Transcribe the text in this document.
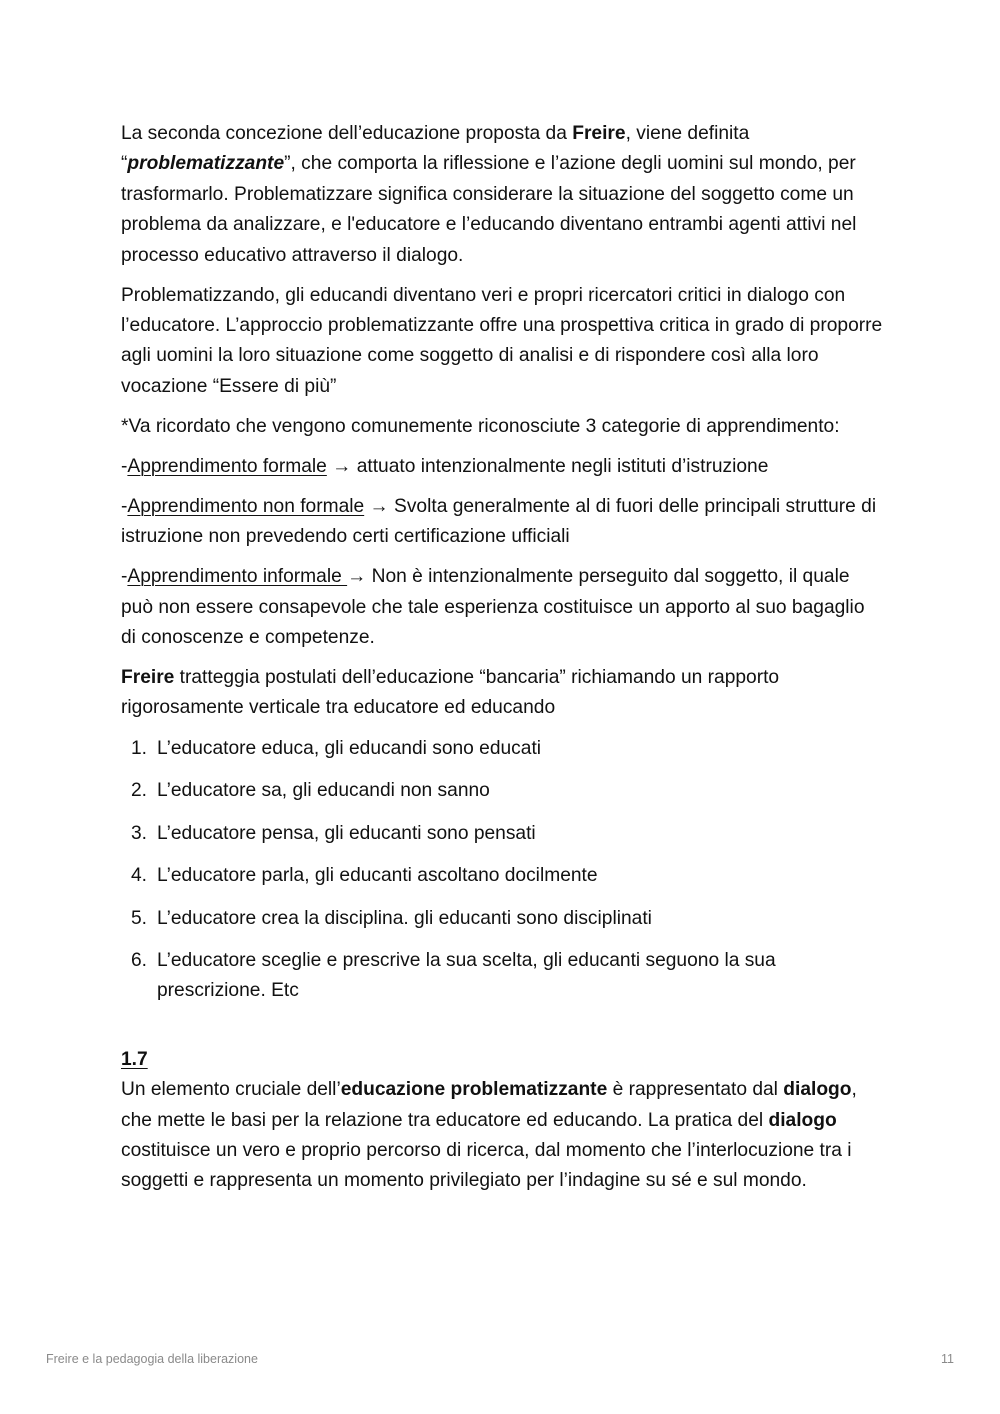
La seconda concezione dell’educazione proposta da Freire, viene definita “problematizzante”, che comporta la riflessione e l’azione degli uomini sul mondo, per trasformarlo. Problematizzare significa considerare la situazione del soggetto come un problema da analizzare, e l'educatore e l’educando diventano entrambi agenti attivi nel processo educativo attraverso il dialogo.

Problematizzando, gli educandi diventano veri e propri ricercatori critici in dialogo con l’educatore. L’approccio problematizzante offre una prospettiva critica in grado di proporre agli uomini la loro situazione come soggetto di analisi e di rispondere così alla loro vocazione “Essere di più”

*Va ricordato che vengono comunemente riconosciute 3 categorie di apprendimento:

-Apprendimento formale → attuato intenzionalmente negli istituti d’istruzione

-Apprendimento non formale → Svolta generalmente al di fuori delle principali strutture di istruzione non prevedendo certi certificazione ufficiali

-Apprendimento informale → Non è intenzionalmente perseguito dal soggetto, il quale può non essere consapevole che tale esperienza costituisce un apporto al suo bagaglio di conoscenze e competenze.

Freire tratteggia postulati dell’educazione “bancaria” richiamando un rapporto rigorosamente verticale tra educatore ed educando

1. L’educatore educa, gli educandi sono educati
2. L’educatore sa, gli educandi non sanno
3. L’educatore pensa, gli educanti sono pensati
4. L’educatore parla, gli educanti ascoltano docilmente
5. L’educatore crea la disciplina. gli educanti sono disciplinati
6. L’educatore sceglie e prescrive la sua scelta, gli educanti seguono la sua prescrizione. Etc
1.7

Un elemento cruciale dell’educazione problematizzante è rappresentato dal dialogo, che mette le basi per la relazione tra educatore ed educando. La pratica del dialogo costituisce un vero e proprio percorso di ricerca, dal momento che l’interlocuzione tra i soggetti e rappresenta un momento privilegiato per l’indagine su sé e sul mondo.

Freire e la pedagogia della liberazione	11
